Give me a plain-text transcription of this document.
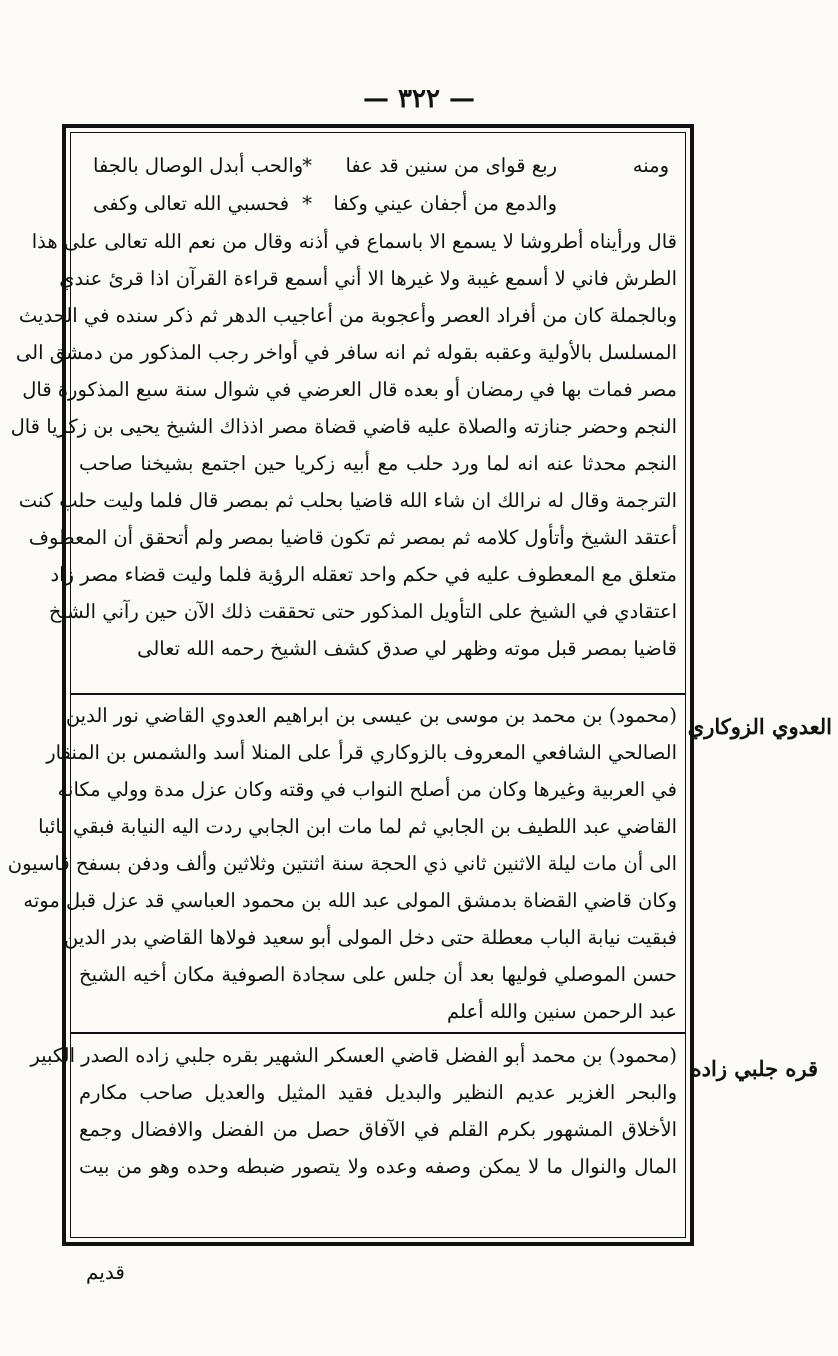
— ٣٢٢ —
ومنه
ربع قواى من سنين قد عفا
*
والحب أبدل الوصال بالجفا
والدمع من أجفان عيني وكفا
*
فحسبي الله تعالى وكفى
قال ورأيناه أطروشا لا يسمع الا باسماع في أذنه وقال من نعم الله تعالى على هذا
الطرش فاني لا أسمع غيبة ولا غيرها الا أني أسمع قراءة القرآن اذا قرئ عندي
وبالجملة كان من أفراد العصر وأعجوبة من أعاجيب الدهر ثم ذكر سنده في الحديث
المسلسل بالأولية وعقبه بقوله ثم انه سافر في أواخر رجب المذكور من دمشق الى
مصر فمات بها في رمضان أو بعده قال العرضي في شوال سنة سبع المذكورة قال
النجم وحضر جنازته والصلاة عليه قاضي قضاة مصر اذذاك الشيخ يحيى بن زكريا قال
النجم محدثا عنه انه لما ورد حلب مع أبيه زكريا حين اجتمع بشيخنا صاحب
الترجمة وقال له نرالك ان شاء الله قاضيا بحلب ثم بمصر قال فلما وليت حلب كنت
أعتقد الشيخ وأتأول كلامه ثم بمصر ثم تكون قاضيا بمصر ولم أتحقق أن المعطوف
متعلق مع المعطوف عليه في حكم واحد تعقله الرؤية فلما وليت قضاء مصر زاد
اعتقادي في الشيخ على التأويل المذكور حتى تحققت ذلك الآن حين رآني الشيخ
قاضيا بمصر قبل موته وظهر لي صدق كشف الشيخ رحمه الله تعالى
(محمود) بن محمد بن موسى بن عيسى بن ابراهيم العدوي القاضي نور الدين
الصالحي الشافعي المعروف بالزوكاري قرأ على المنلا أسد والشمس بن المنقار
في العربية وغيرها وكان من أصلح النواب في وقته وكان عزل مدة وولي مكانه
القاضي عبد اللطيف بن الجابي ثم لما مات ابن الجابي ردت اليه النيابة فبقي نائبا
الى أن مات ليلة الاثنين ثاني ذي الحجة سنة اثنتين وثلاثين وألف ودفن بسفح قاسيون
وكان قاضي القضاة بدمشق المولى عبد الله بن محمود العباسي قد عزل قبل موته
فبقيت نيابة الباب معطلة حتى دخل المولى أبو سعيد فولاها القاضي بدر الدين
حسن الموصلي فوليها بعد أن جلس على سجادة الصوفية مكان أخيه الشيخ
عبد الرحمن سنين والله أعلم
(محمود) بن محمد أبو الفضل قاضي العسكر الشهير بقره جلبي زاده الصدر الكبير
والبحر الغزير عديم النظير والبديل فقيد المثيل والعديل صاحب مكارم
الأخلاق المشهور بكرم القلم في الآفاق حصل من الفضل والافضال وجمع
المال والنوال ما لا يمكن وصفه وعده ولا يتصور ضبطه وحده وهو من بيت
العدوي الزوكاري
قره جلبي زاده
قديم
